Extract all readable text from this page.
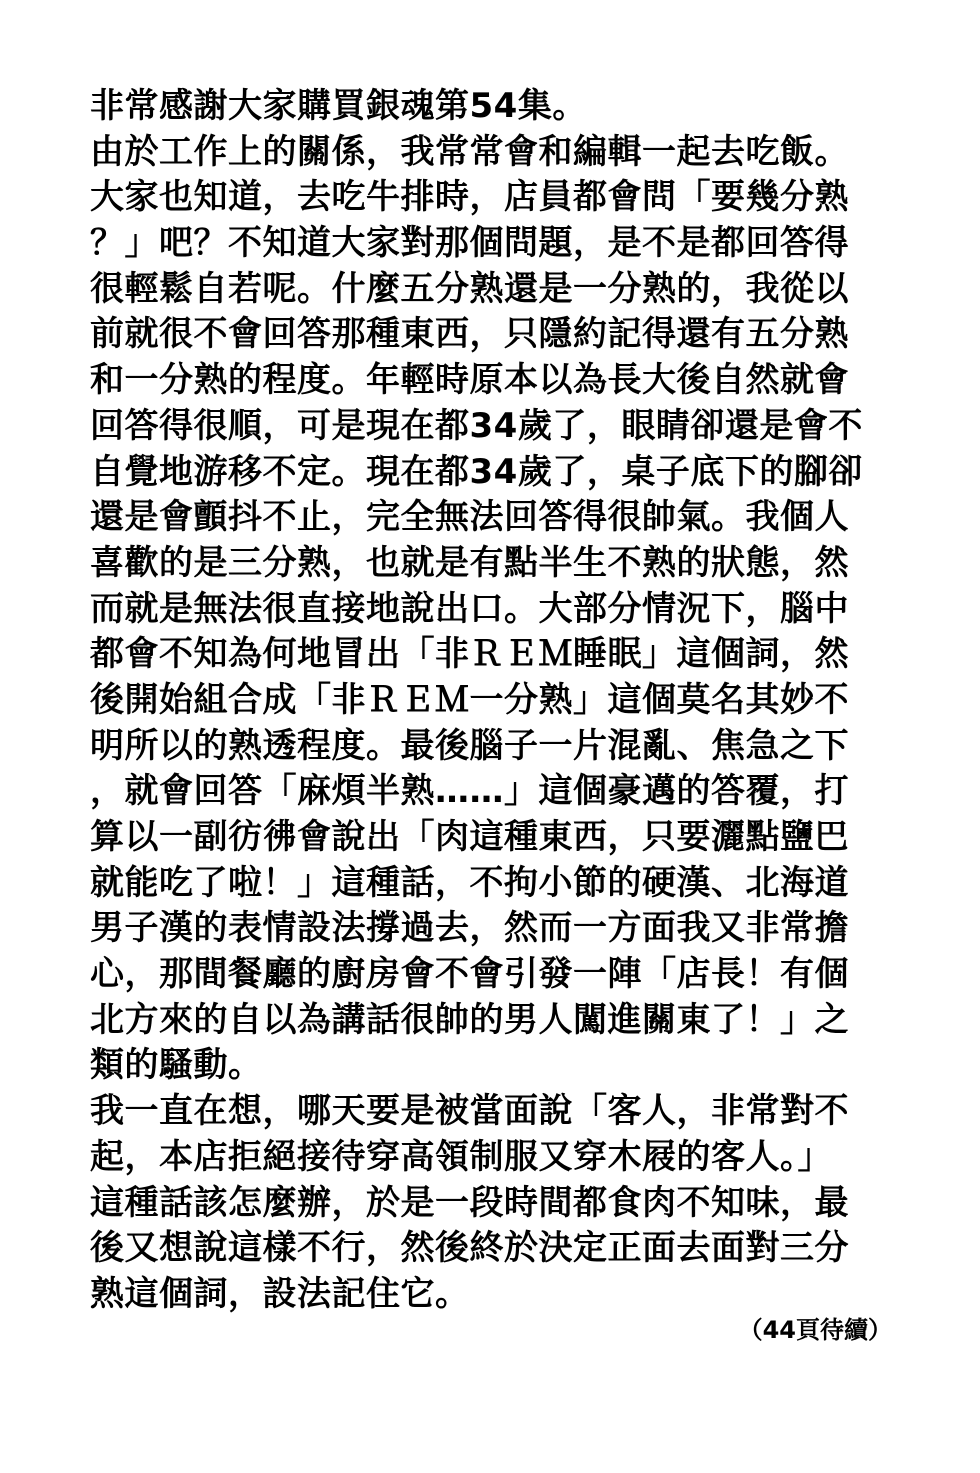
非常感謝大家購買銀魂第54集。
由於工作上的關係，我常常會和編輯一起去吃飯。
大家也知道，去吃牛排時，店員都會問「要幾分熟
？」吧？不知道大家對那個問題，是不是都回答得
很輕鬆自若呢。什麼五分熟還是一分熟的，我從以
前就很不會回答那種東西，只隱約記得還有五分熟
和一分熟的程度。年輕時原本以為長大後自然就會
回答得很順，可是現在都34歲了，眼睛卻還是會不
自覺地游移不定。現在都34歲了，桌子底下的腳卻
還是會顫抖不止，完全無法回答得很帥氣。我個人
喜歡的是三分熟，也就是有點半生不熟的狀態，然
而就是無法很直接地說出口。大部分情況下，腦中
都會不知為何地冒出「非ＲＥＭ睡眠」這個詞，然
後開始組合成「非ＲＥＭ一分熟」這個莫名其妙不
明所以的熟透程度。最後腦子一片混亂、焦急之下
，就會回答「麻煩半熟……」這個豪邁的答覆，打
算以一副彷彿會說出「肉這種東西，只要灑點鹽巴
就能吃了啦！」這種話，不拘小節的硬漢、北海道
男子漢的表情設法撐過去，然而一方面我又非常擔
心，那間餐廳的廚房會不會引發一陣「店長！有個
北方來的自以為講話很帥的男人闖進關東了！」之
類的騷動。
我一直在想，哪天要是被當面說「客人，非常對不
起，本店拒絕接待穿高領制服又穿木屐的客人。」
這種話該怎麼辦，於是一段時間都食肉不知味，最
後又想說這樣不行，然後終於決定正面去面對三分
熟這個詞，設法記住它。
（44頁待續）
